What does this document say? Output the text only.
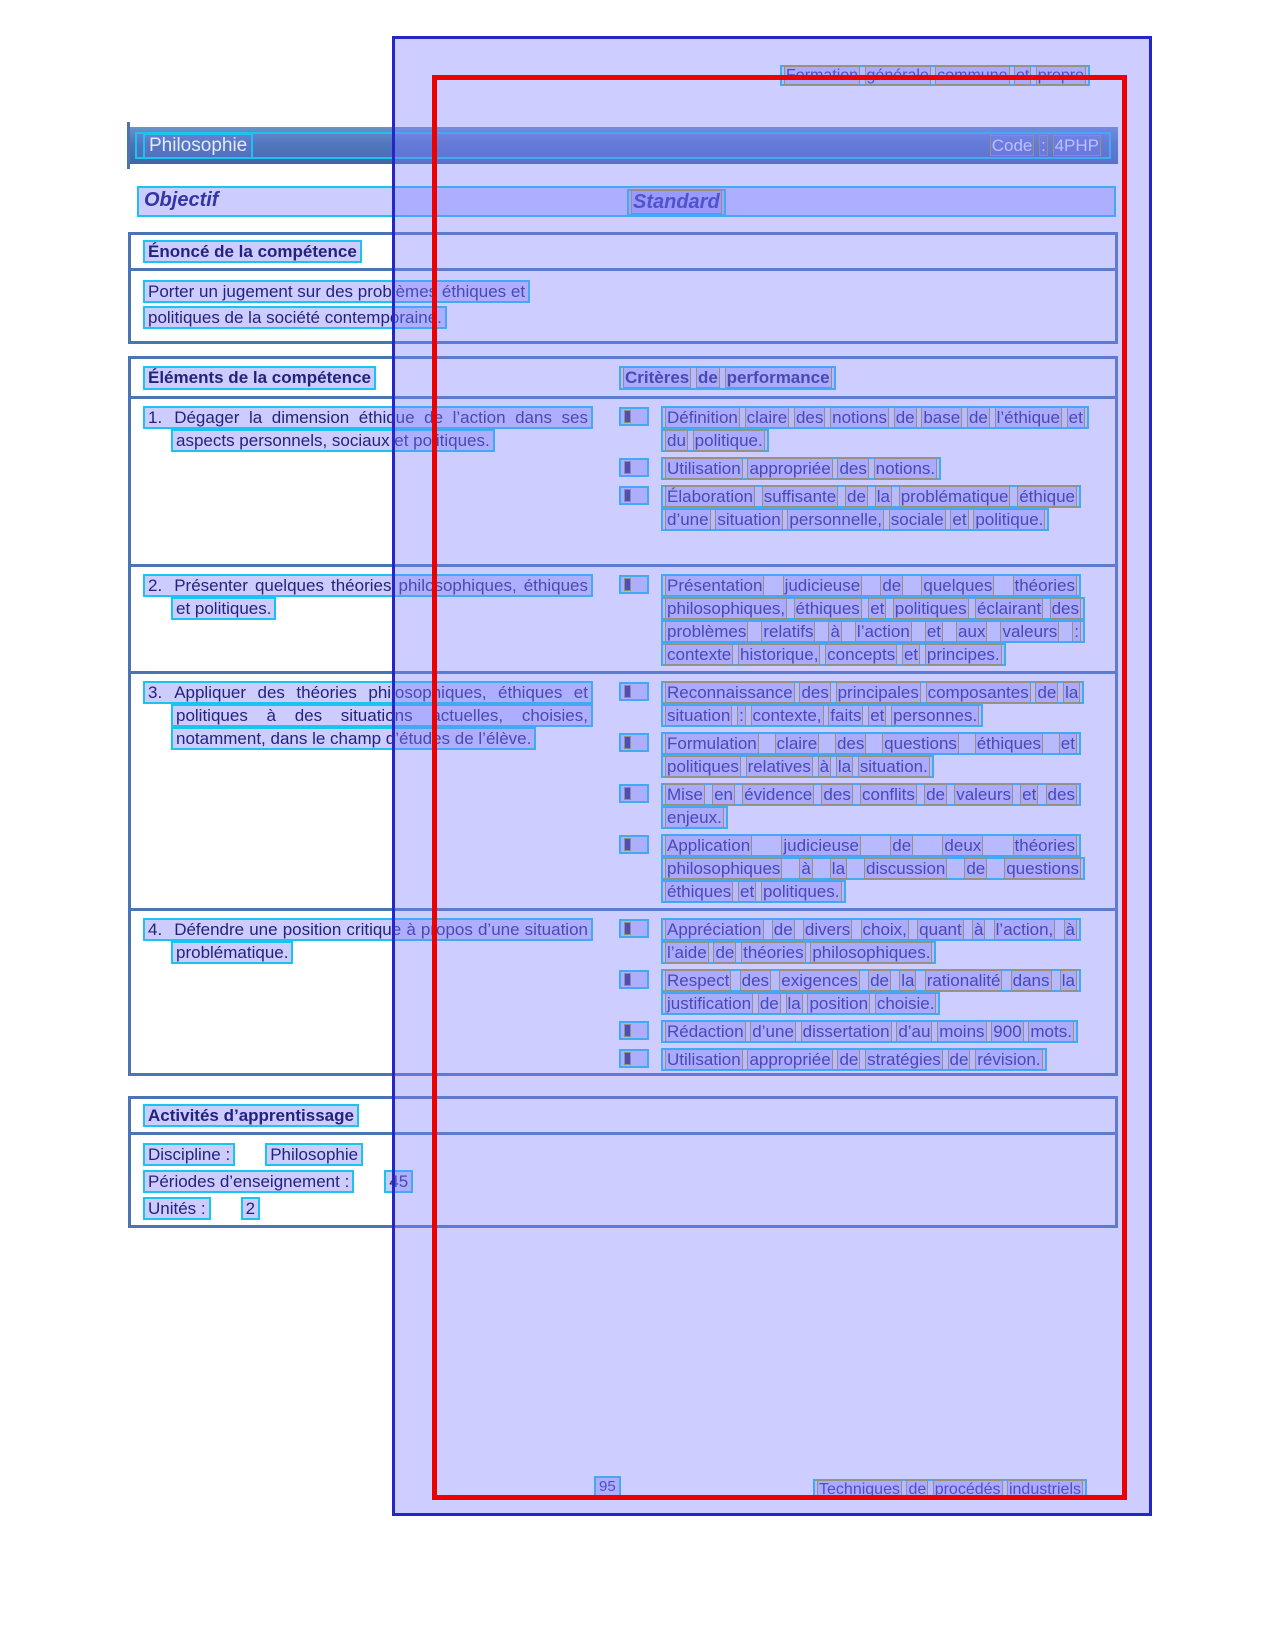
Formation générale commune et propre
Philosophie	Code : 4PHP
Objectif	Standard
Énoncé de la compétence
Porter un jugement sur des problèmes éthiques et
politiques de la société contemporaine.
Éléments de la compétence	Critères de performance
1. Dégager la dimension éthique de l’action dans ses aspects personnels, sociaux et politiques.
Définition claire des notions de base de l’éthique et du politique.
Utilisation appropriée des notions.
Élaboration suffisante de la problématique éthique d’une situation personnelle, sociale et politique.
2. Présenter quelques théories philosophiques, éthiques et politiques.
Présentation judicieuse de quelques théories philosophiques, éthiques et politiques éclairant des problèmes relatifs à l’action et aux valeurs : contexte historique, concepts et principes.
3. Appliquer des théories philosophiques, éthiques et politiques à des situations actuelles, choisies, notamment, dans le champ d’études de l’élève.
Reconnaissance des principales composantes de la situation : contexte, faits et personnes.
Formulation claire des questions éthiques et politiques relatives à la situation.
Mise en évidence des conflits de valeurs et des enjeux.
Application judicieuse de deux théories philosophiques à la discussion de questions éthiques et politiques.
4. Défendre une position critique à propos d’une situation problématique.
Appréciation de divers choix, quant à l’action, à l’aide de théories philosophiques.
Respect des exigences de la rationalité dans la justification de la position choisie.
Rédaction d’une dissertation d’au moins 900 mots.
Utilisation appropriée de stratégies de révision.
Activités d’apprentissage
Discipline : Philosophie
Périodes d’enseignement : 45
Unités : 2
95	Techniques de procédés industriels
